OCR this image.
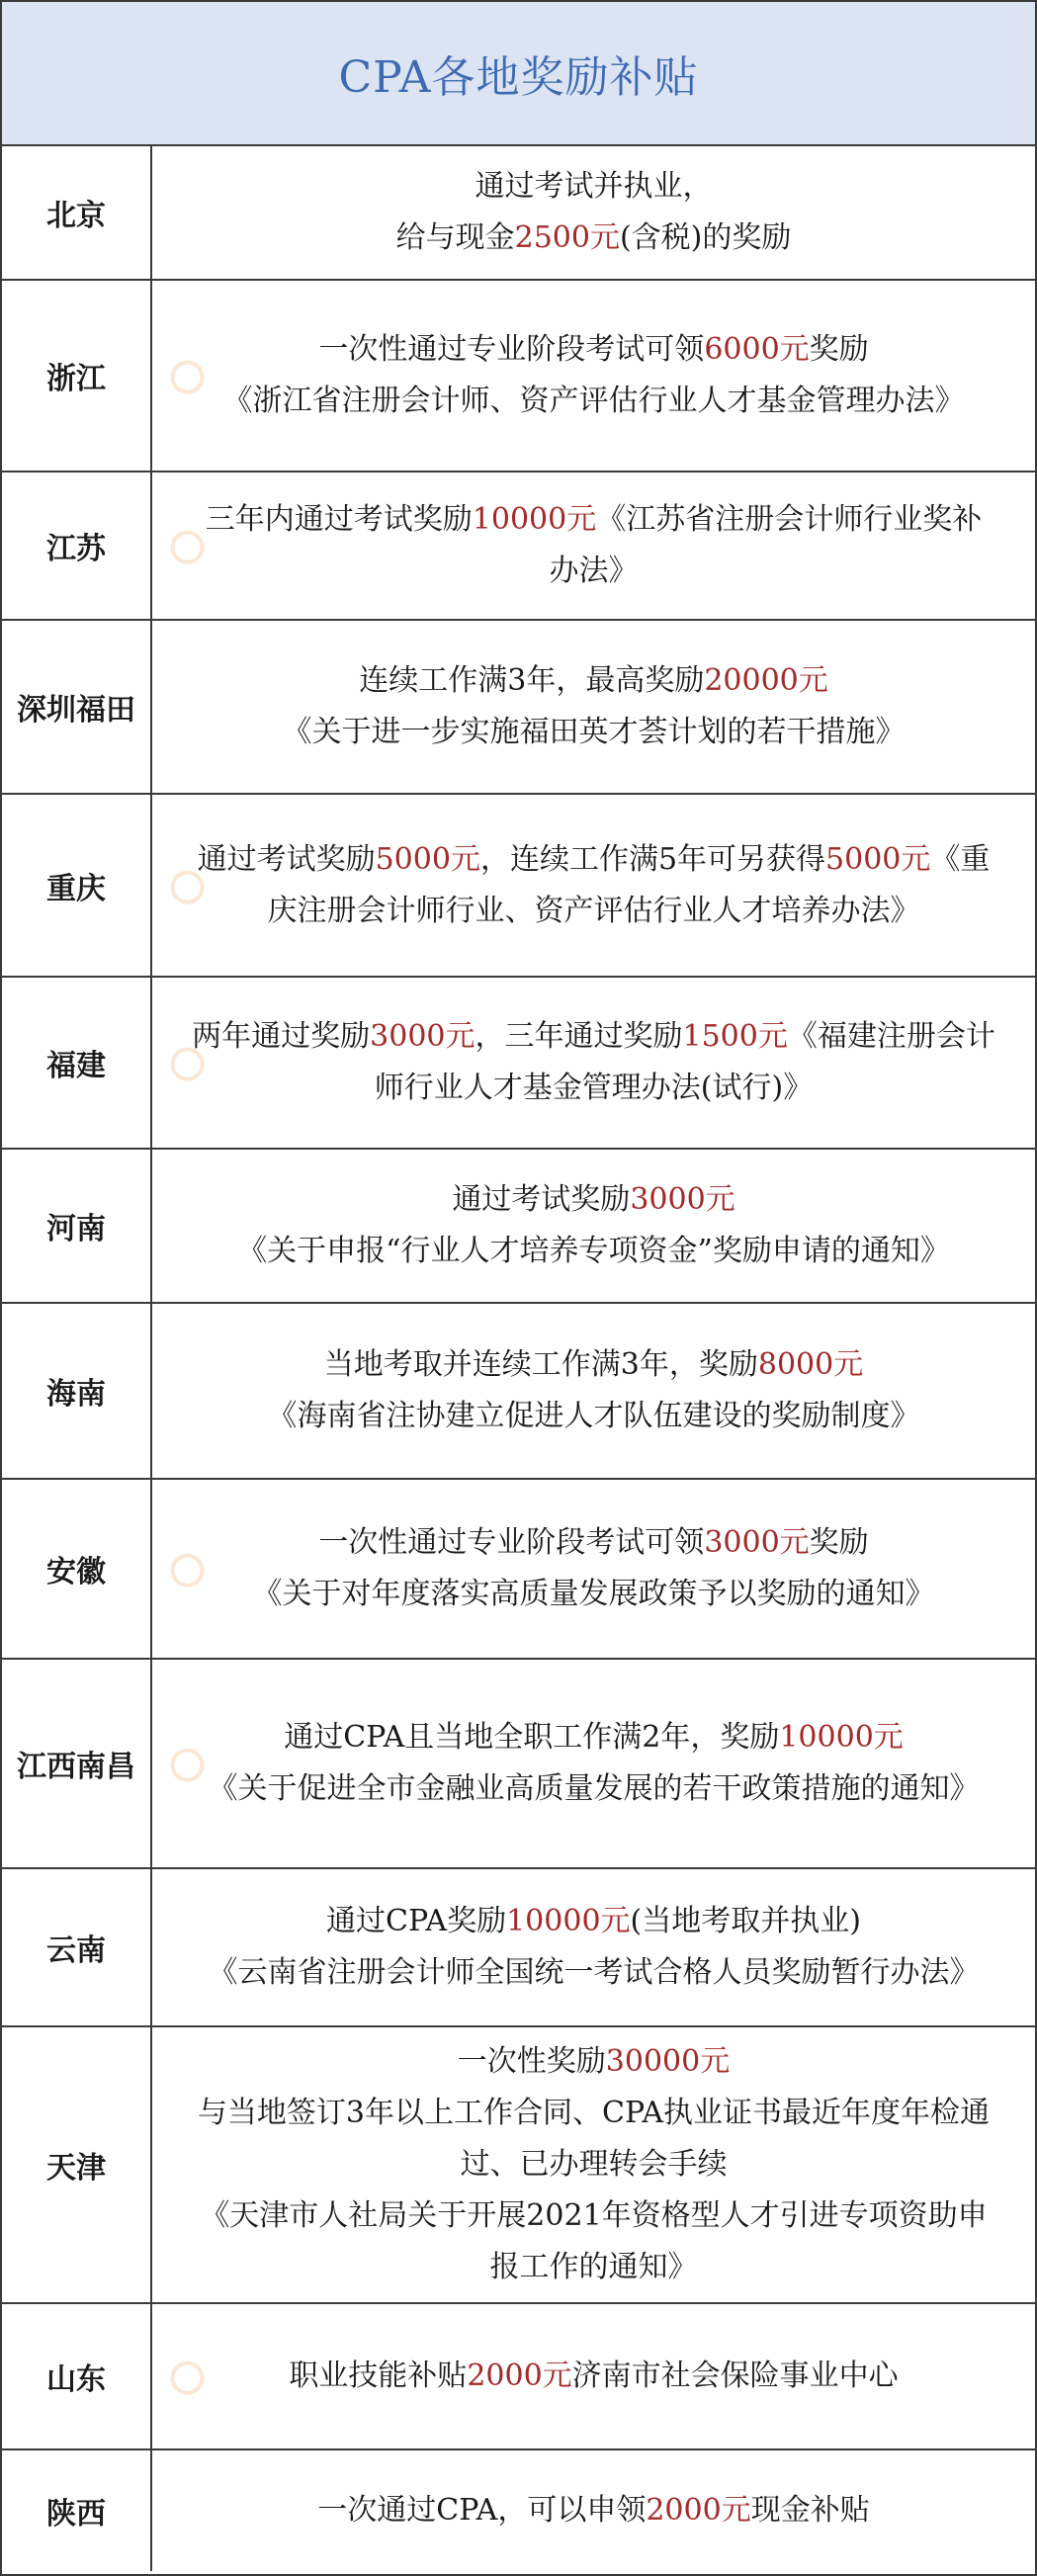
CPA各地奖励补贴
北京
通过考试并执业，
给与现金2500元(含税)的奖励
浙江
一次性通过专业阶段考试可领6000元奖励
《浙江省注册会计师、资产评估行业人才基金管理办法》
江苏
三年内通过考试奖励10000元《江苏省注册会计师行业奖补
办法》
深圳福田
连续工作满3年，最高奖励20000元
《关于进一步实施福田英才荟计划的若干措施》
重庆
通过考试奖励5000元，连续工作满5年可另获得5000元《重
庆注册会计师行业、资产评估行业人才培养办法》
福建
两年通过奖励3000元，三年通过奖励1500元《福建注册会计
师行业人才基金管理办法(试行)》
河南
通过考试奖励3000元
《关于申报“行业人才培养专项资金”奖励申请的通知》
海南
当地考取并连续工作满3年，奖励8000元
《海南省注协建立促进人才队伍建设的奖励制度》
安徽
一次性通过专业阶段考试可领3000元奖励
《关于对年度落实高质量发展政策予以奖励的通知》
江西南昌
通过CPA且当地全职工作满2年，奖励10000元
《关于促进全市金融业高质量发展的若干政策措施的通知》
云南
通过CPA奖励10000元(当地考取并执业)
《云南省注册会计师全国统一考试合格人员奖励暂行办法》
天津
一次性奖励30000元
与当地签订3年以上工作合同、CPA执业证书最近年度年检通
过、已办理转会手续
《天津市人社局关于开展2021年资格型人才引进专项资助申
报工作的通知》
山东	职业技能补贴2000元济南市社会保险事业中心
陕西	一次通过CPA，可以申领2000元现金补贴
